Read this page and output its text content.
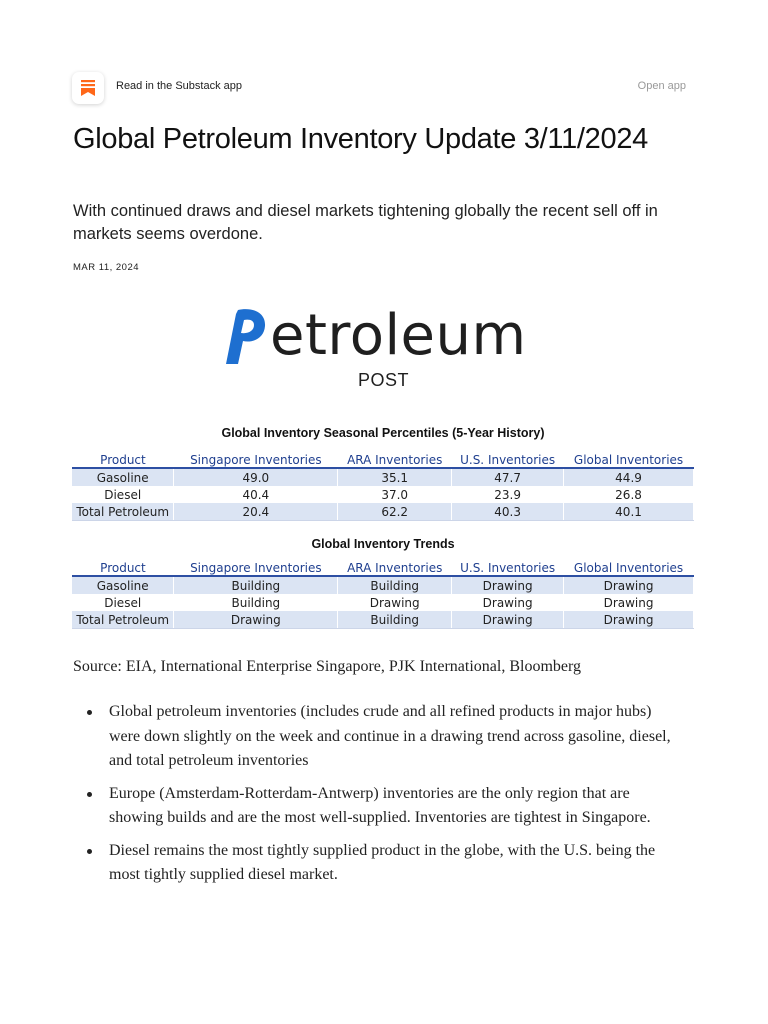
Read in the Substack app	Open app
Global Petroleum Inventory Update 3/11/2024

With continued draws and diesel markets tightening globally the recent sell off in markets seems overdone.

MAR 11, 2024
etroleum
POST
Global Inventory Seasonal Percentiles (5-Year History)
Product	Singapore Inventories	ARA Inventories	U.S. Inventories	Global Inventories
Gasoline	49.0	35.1	47.7	44.9
Diesel	40.4	37.0	23.9	26.8
Total Petroleum	20.4	62.2	40.3	40.1
Global Inventory Trends
Product	Singapore Inventories	ARA Inventories	U.S. Inventories	Global Inventories
Gasoline	Building	Building	Drawing	Drawing
Diesel	Building	Drawing	Drawing	Drawing
Total Petroleum	Drawing	Building	Drawing	Drawing

Source: EIA, International Enterprise Singapore, PJK International, Bloomberg

Global petroleum inventories (includes crude and all refined products in major hubs) were down slightly on the week and continue in a drawing trend across gasoline, diesel, and total petroleum inventories
Europe (Amsterdam-Rotterdam-Antwerp) inventories are the only region that are showing builds and are the most well-supplied. Inventories are tightest in Singapore.
Diesel remains the most tightly supplied product in the globe, with the U.S. being the most tightly supplied diesel market.
